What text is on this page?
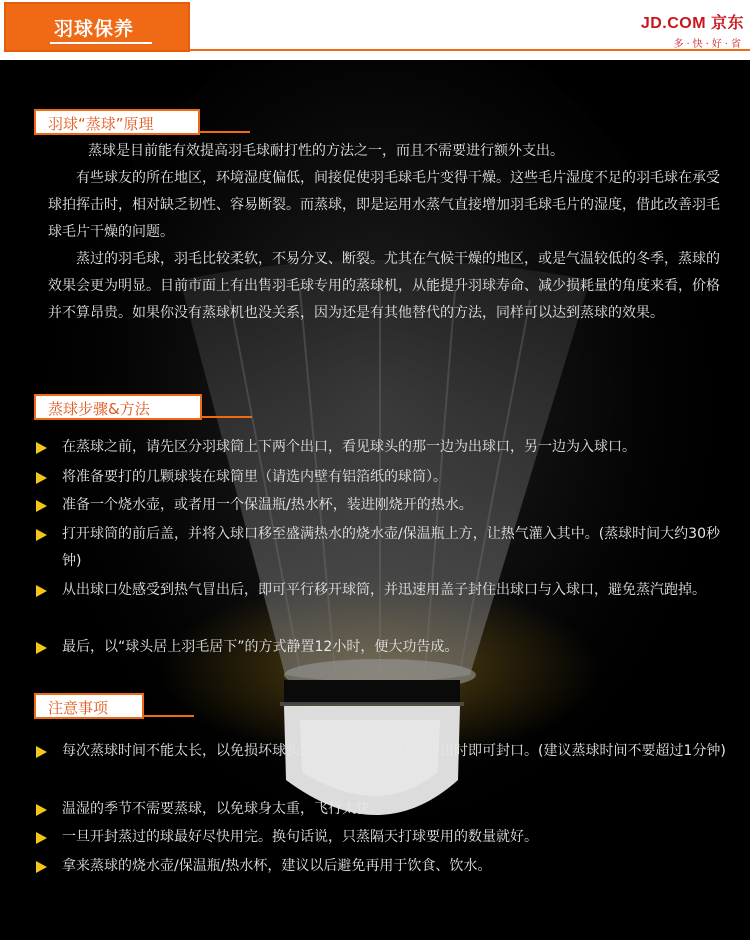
羽球保养	JD.COM 京东
多·快·好·省
羽球“蒸球”原理
蒸球是目前能有效提高羽毛球耐打性的方法之一，而且不需要进行额外支出。
有些球友的所在地区，环境湿度偏低，间接促使羽毛球毛片变得干燥。这些毛片湿度不足的羽毛球在承受球拍挥击时，相对缺乏韧性、容易断裂。而蒸球，即是运用水蒸气直接增加羽毛球毛片的湿度，借此改善羽毛球毛片干燥的问题。
蒸过的羽毛球，羽毛比较柔软，不易分叉、断裂。尤其在气候干燥的地区，或是气温较低的冬季，蒸球的效果会更为明显。目前市面上有出售羽毛球专用的蒸球机，从能提升羽球寿命、减少损耗量的角度来看，价格并不算昂贵。如果你没有蒸球机也没关系，因为还是有其他替代的方法，同样可以达到蒸球的效果。
蒸球步骤&方法
在蒸球之前，请先区分羽球筒上下两个出口，看见球头的那一边为出球口，另一边为入球口。
将准备要打的几颗球装在球筒里（请选内壁有铝箔纸的球筒）。
准备一个烧水壶，或者用一个保温瓶/热水杯，装进刚烧开的热水。
打开球筒的前后盖，并将入球口移至盛满热水的烧水壶/保温瓶上方，让热气灌入其中。(蒸球时间大约30秒钟)
从出球口处感受到热气冒出后，即可平行移开球筒，并迅速用盖子封住出球口与入球口，避免蒸汽跑掉。
最后，以“球头居上羽毛居下”的方式静置12小时，便大功告成。
注意事项
每次蒸球时间不能太长，以免损坏球头软木。蒸气从出球口冒出时即可封口。(建议蒸球时间不要超过1分钟)
温湿的季节不需要蒸球，以免球身太重，飞行太快。
一旦开封蒸过的球最好尽快用完。换句话说，只蒸隔天打球要用的数量就好。
拿来蒸球的烧水壶/保温瓶/热水杯，建议以后避免再用于饮食、饮水。
